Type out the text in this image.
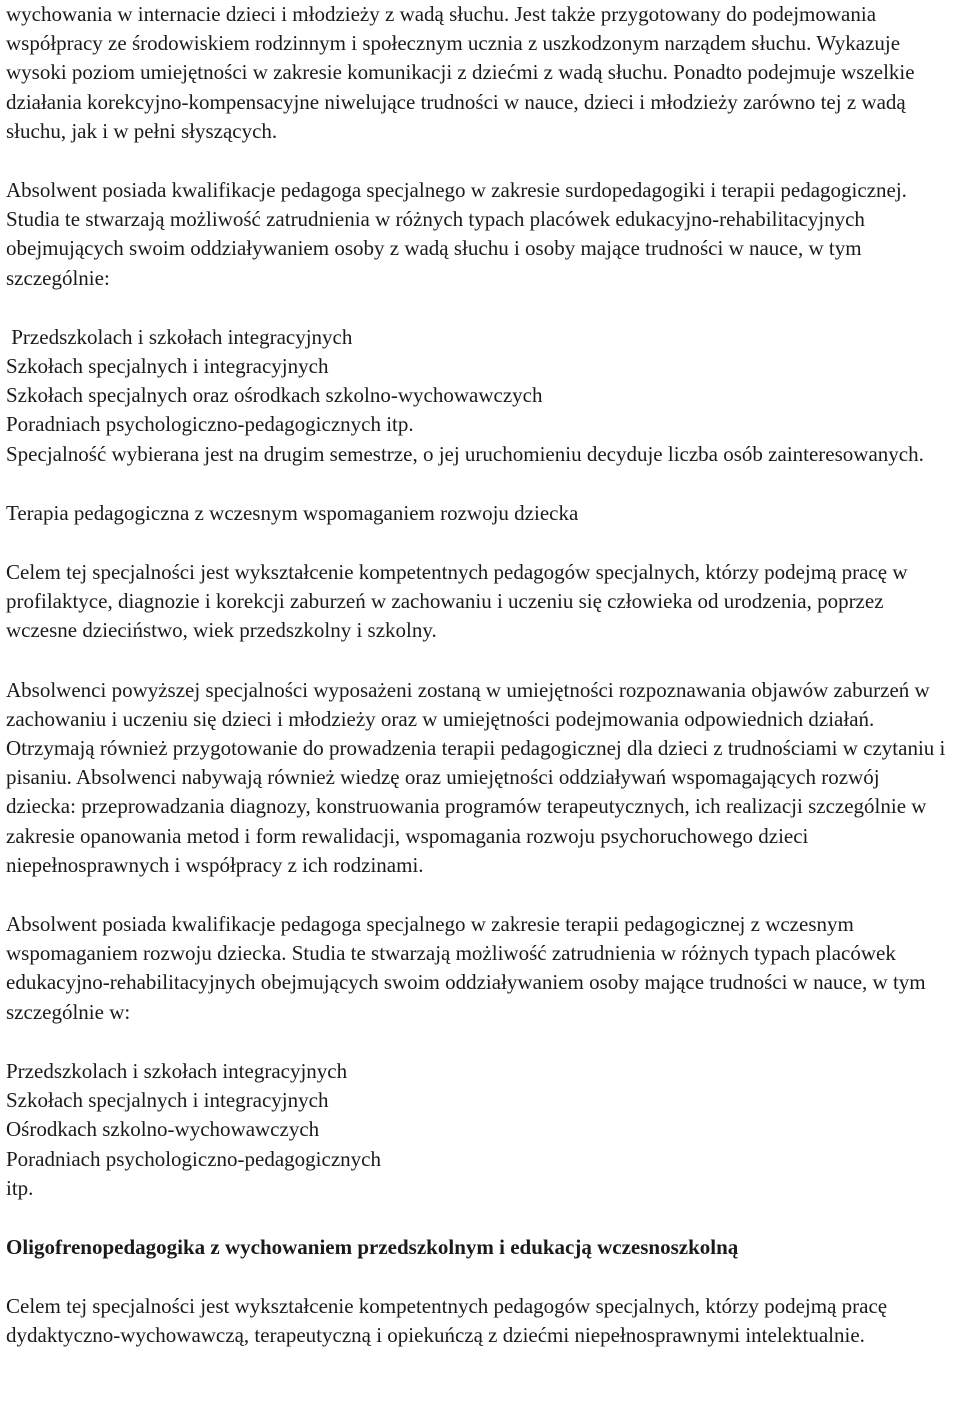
wychowania w internacie dzieci i młodzieży z wadą słuchu. Jest także przygotowany do podejmowania współpracy ze środowiskiem rodzinnym i społecznym ucznia z uszkodzonym narządem słuchu. Wykazuje wysoki poziom umiejętności w zakresie komunikacji z dziećmi z wadą słuchu. Ponadto podejmuje wszelkie działania korekcyjno-kompensacyjne niwelujące trudności w nauce, dzieci i młodzieży zarówno tej z wadą słuchu, jak i w pełni słyszących.

Absolwent posiada kwalifikacje pedagoga specjalnego w zakresie surdopedagogiki i terapii pedagogicznej. Studia te stwarzają możliwość zatrudnienia w różnych typach placówek edukacyjno-rehabilitacyjnych obejmujących swoim oddziaływaniem osoby z wadą słuchu i osoby mające trudności w nauce, w tym szczególnie:

Przedszkolach i szkołach integracyjnych
Szkołach specjalnych i integracyjnych
Szkołach specjalnych oraz ośrodkach szkolno-wychowawczych
Poradniach psychologiczno-pedagogicznych itp.

Specjalność wybierana jest na drugim semestrze, o jej uruchomieniu decyduje liczba osób zainteresowanych.

Terapia pedagogiczna z wczesnym wspomaganiem rozwoju dziecka

Celem tej specjalności jest wykształcenie kompetentnych pedagogów specjalnych, którzy podejmą pracę w profilaktyce, diagnozie i korekcji zaburzeń w zachowaniu i uczeniu się człowieka od urodzenia, poprzez wczesne dzieciństwo, wiek przedszkolny i szkolny.

Absolwenci powyższej specjalności wyposażeni zostaną w umiejętności rozpoznawania objawów zaburzeń w zachowaniu i uczeniu się dzieci i młodzieży oraz w umiejętności podejmowania odpowiednich działań. Otrzymają również przygotowanie do prowadzenia terapii pedagogicznej dla dzieci z trudnościami w czytaniu i pisaniu. Absolwenci nabywają również wiedzę oraz umiejętności oddziaływań wspomagających rozwój dziecka: przeprowadzania diagnozy, konstruowania programów terapeutycznych, ich realizacji szczególnie w zakresie opanowania metod i form rewalidacji, wspomagania rozwoju psychoruchowego dzieci niepełnosprawnych i współpracy z ich rodzinami.

Absolwent posiada kwalifikacje pedagoga specjalnego w zakresie terapii pedagogicznej z wczesnym wspomaganiem rozwoju dziecka. Studia te stwarzają możliwość zatrudnienia w różnych typach placówek edukacyjno-rehabilitacyjnych obejmujących swoim oddziaływaniem osoby mające trudności w nauce, w tym szczególnie w:

Przedszkolach i szkołach integracyjnych
Szkołach specjalnych i integracyjnych
Ośrodkach szkolno-wychowawczych
Poradniach psychologiczno-pedagogicznych
itp.

Oligofrenopedagogika z wychowaniem przedszkolnym i edukacją wczesnoszkolną

Celem tej specjalności jest wykształcenie kompetentnych pedagogów specjalnych, którzy podejmą pracę dydaktyczno-wychowawczą, terapeutyczną i opiekuńczą z dziećmi niepełnosprawnymi intelektualnie.
